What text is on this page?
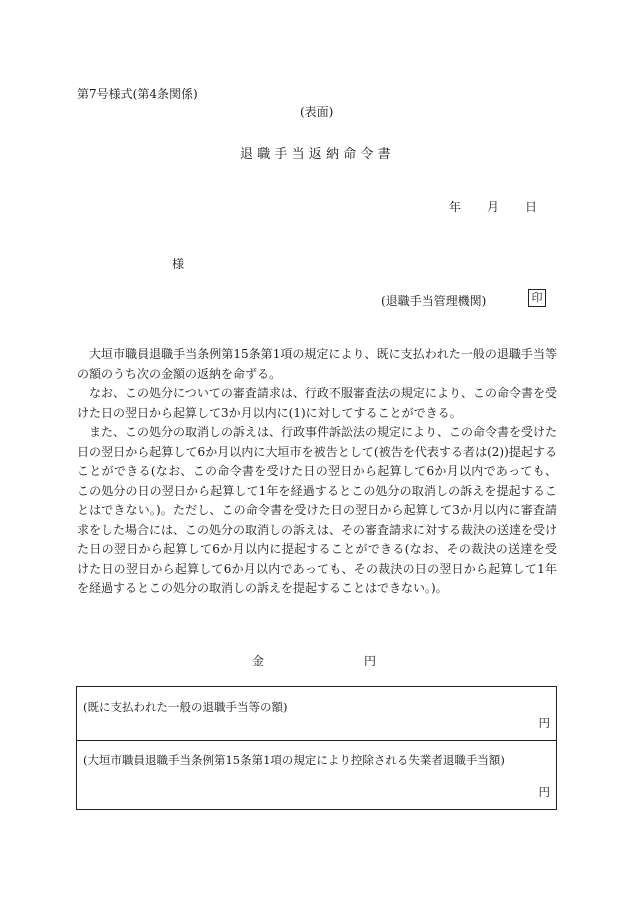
第7号様式(第4条関係)
(表面)
退職手当返納命令書
年 月 日
様
(退職手当管理機関)	印

大垣市職員退職手当条例第15条第1項の規定により、既に支払われた一般の退職手当等の額のうち次の金額の返納を命ずる。

なお、この処分についての審査請求は、行政不服審査法の規定により、この命令書を受けた日の翌日から起算して3か月以内に(1)に対してすることができる。

また、この処分の取消しの訴えは、行政事件訴訟法の規定により、この命令書を受けた日の翌日から起算して6か月以内に大垣市を被告として(被告を代表する者は(2))提起することができる(なお、この命令書を受けた日の翌日から起算して6か月以内であっても、この処分の日の翌日から起算して1年を経過するとこの処分の取消しの訴えを提起することはできない。)。ただし、この命令書を受けた日の翌日から起算して3か月以内に審査請求をした場合には、この処分の取消しの訴えは、その審査請求に対する裁決の送達を受けた日の翌日から起算して6か月以内に提起することができる(なお、その裁決の送達を受けた日の翌日から起算して6か月以内であっても、その裁決の日の翌日から起算して1年を経過するとこの処分の取消しの訴えを提起することはできない。)。

金	円
(既に支払われた一般の退職手当等の額)
円
(大垣市職員退職手当条例第15条第1項の規定により控除される失業者退職手当額)
円
